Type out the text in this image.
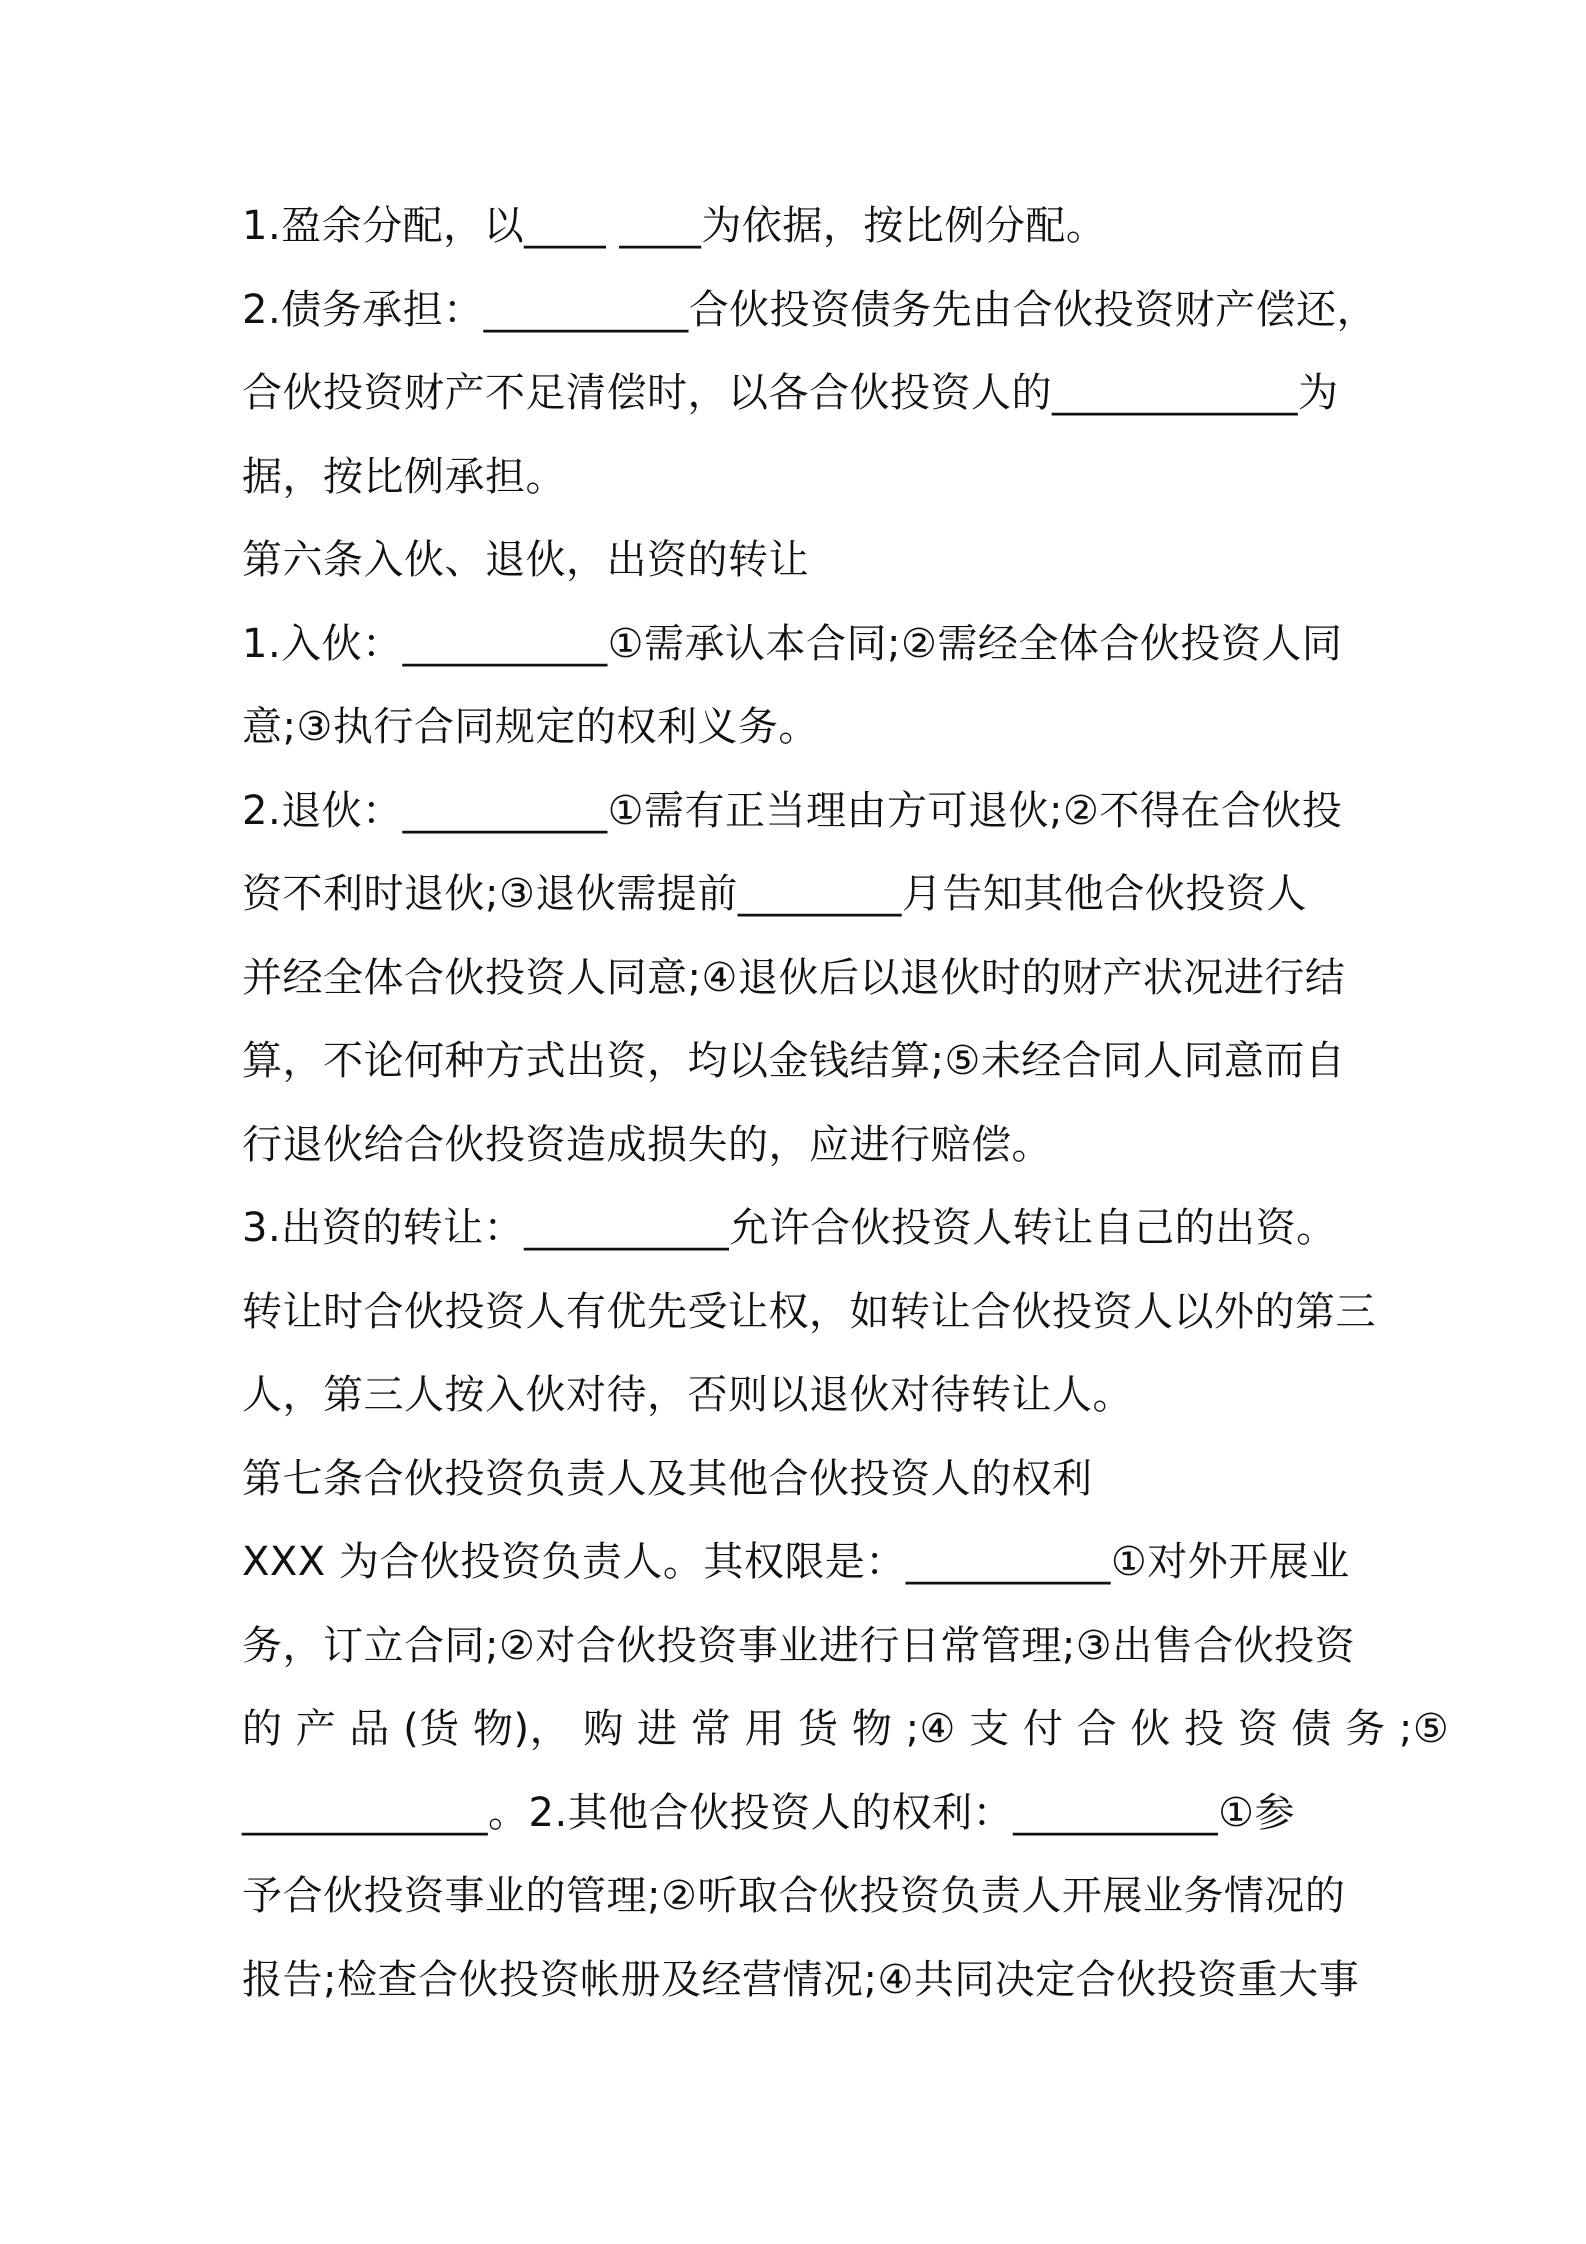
1.盈余分配，以____ ____为依据，按比例分配。
2.债务承担：__________合伙投资债务先由合伙投资财产偿还，
合伙投资财产不足清偿时，以各合伙投资人的____________为
据，按比例承担。
第六条入伙、退伙，出资的转让
1.入伙：__________①需承认本合同;②需经全体合伙投资人同
意;③执行合同规定的权利义务。
2.退伙：__________①需有正当理由方可退伙;②不得在合伙投
资不利时退伙;③退伙需提前________月告知其他合伙投资人
并经全体合伙投资人同意;④退伙后以退伙时的财产状况进行结
算，不论何种方式出资，均以金钱结算;⑤未经合同人同意而自
行退伙给合伙投资造成损失的，应进行赔偿。
3.出资的转让：__________允许合伙投资人转让自己的出资。
转让时合伙投资人有优先受让权，如转让合伙投资人以外的第三
人，第三人按入伙对待，否则以退伙对待转让人。
第七条合伙投资负责人及其他合伙投资人的权利
XXX 为合伙投资负责人。其权限是：__________①对外开展业
务，订立合同;②对合伙投资事业进行日常管理;③出售合伙投资
的 产 品 (货 物)， 购 进 常 用 货 物 ;④ 支 付 合 伙 投 资 债 务 ;⑤
____________。2.其他合伙投资人的权利：__________①参
予合伙投资事业的管理;②听取合伙投资负责人开展业务情况的
报告;检查合伙投资帐册及经营情况;④共同决定合伙投资重大事
